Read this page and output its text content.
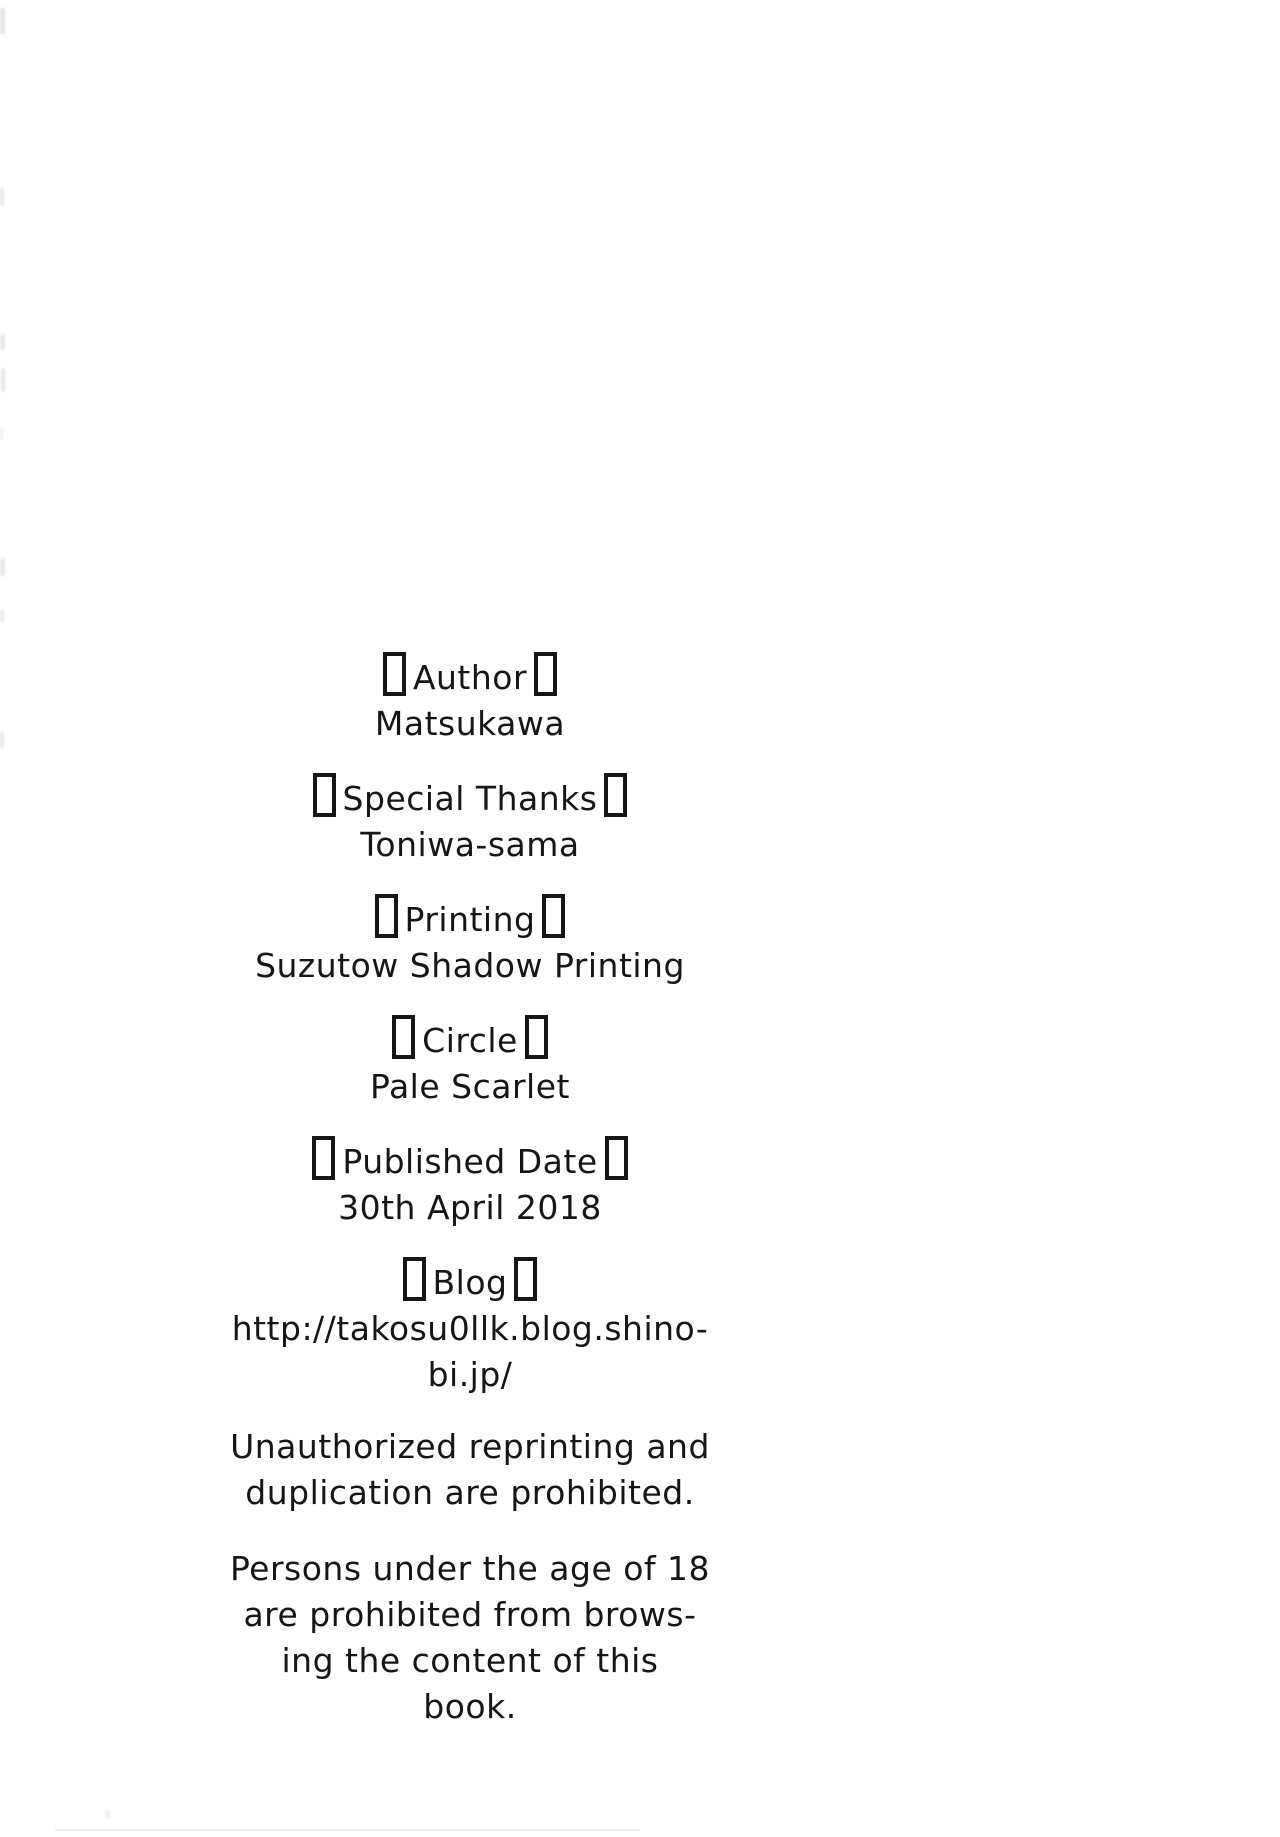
Author
Matsukawa
Special Thanks
Toniwa-sama
Printing
Suzutow Shadow Printing
Circle
Pale Scarlet
Published Date
30th April 2018
Blog
http://takosu0llk.blog.shino-
bi.jp/
Unauthorized reprinting and
duplication are prohibited.
Persons under the age of 18
are prohibited from brows-
ing the content of this
book.
